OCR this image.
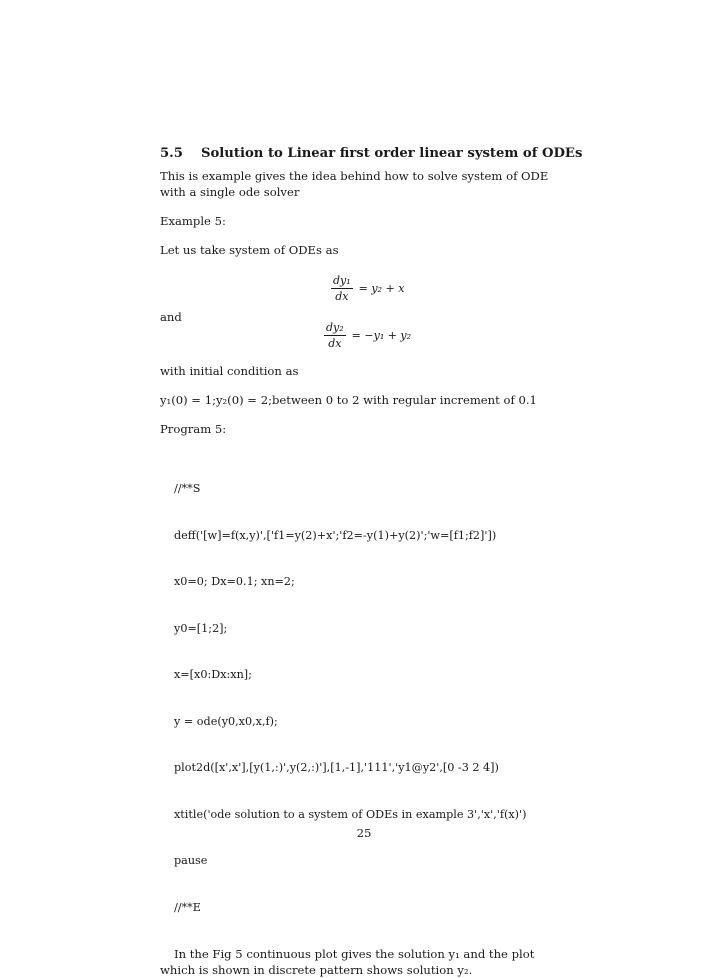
5.5 Solution to Linear first order linear system of ODEs

This is example gives the idea behind how to solve system of ODE with a single ode solver

Example 5:

Let us take system of ODEs as

$\frac{\text{dy₁}}{dx} = y_2 + x$

and

$\frac{\text{dy₂}}{dx} = -y_1 + y_2$

with initial condition as

y₁(0) = 1;y₂(0) = 2;between 0 to 2 with regular increment of 0.1

Program 5:

//**S

deff('[w]=f(x,y)',['f1=y(2)+x';'f2=-y(1)+y(2)';'w=[f1;f2]'])

x0=0; Dx=0.1; xn=2;

y0=[1;2];

x=[x0:Dx:xn];

y = ode(y0,x0,x,f);

plot2d([x',x'],[y(1,:)',y(2,:)'],[1,-1],'111','y1@y2',[0 -3 2 4])

xtitle('ode solution to a system of ODEs in example 3','x','f(x)')

pause

//**E

In the Fig 5 continuous plot gives the solution y₁ and the plot which is shown in discrete pattern shows solution y₂.

25
